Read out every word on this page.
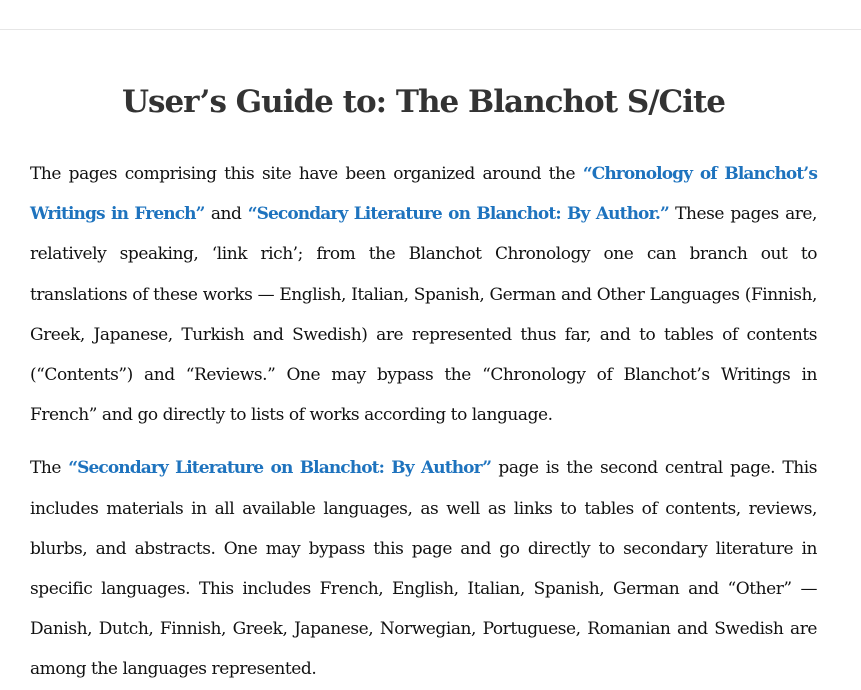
User’s Guide to: The Blanchot S/Cite

The pages comprising this site have been organized around the “Chronology of Blanchot’s Writings in French” and “Secondary Literature on Blanchot: By Author.” These pages are, relatively speaking, ‘link rich’; from the Blanchot Chronology one can branch out to translations of these works — English, Italian, Spanish, German and Other Languages (Finnish, Greek, Japanese, Turkish and Swedish) are represented thus far, and to tables of contents (“Contents”) and “Reviews.” One may bypass the “Chronology of Blanchot’s Writings in French” and go directly to lists of works according to language.

The “Secondary Literature on Blanchot: By Author” page is the second central page. This includes materials in all available languages, as well as links to tables of contents, reviews, blurbs, and abstracts. One may bypass this page and go directly to secondary literature in specific languages. This includes French, English, Italian, Spanish, German and “Other” — Danish, Dutch, Finnish, Greek, Japanese, Norwegian, Portuguese, Romanian and Swedish are among the languages represented.
